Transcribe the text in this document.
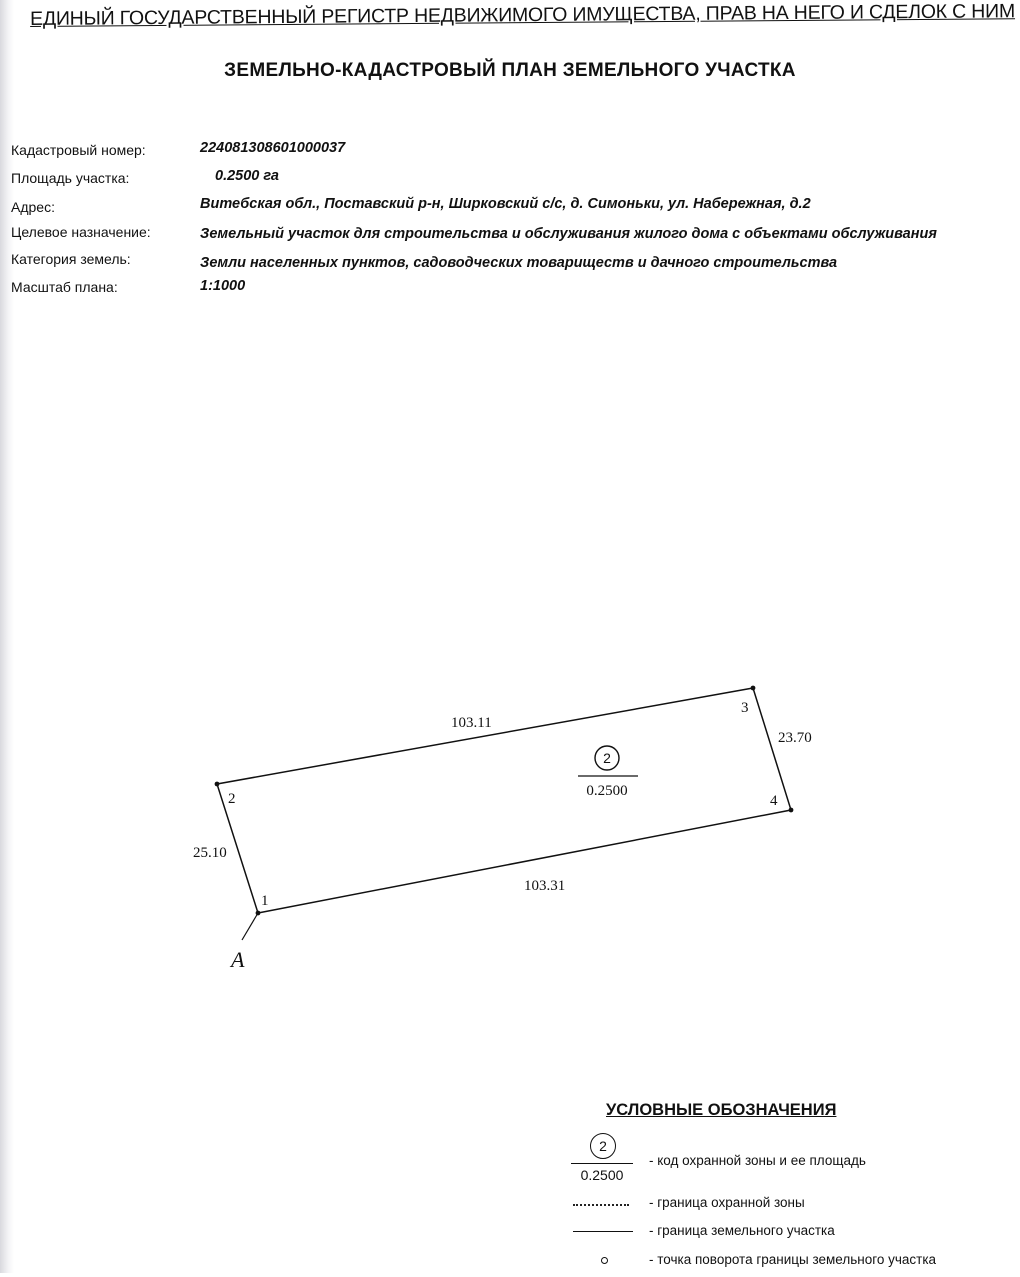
ЕДИНЫЙ ГОСУДАРСТВЕННЫЙ РЕГИСТР НЕДВИЖИМОГО ИМУЩЕСТВА, ПРАВ НА НЕГО И СДЕЛОК С НИМ
ЗЕМЕЛЬНО-КАДАСТРОВЫЙ ПЛАН ЗЕМЕЛЬНОГО УЧАСТКА
Кадастровый номер:	224081308601000037
Площадь участка:	0.2500 га
Адрес:	Витебская обл., Поставский р-н, Ширковский с/с, д. Симоньки, ул. Набережная, д.2
Целевое назначение:	Земельный участок для строительства и обслуживания жилого дома с объектами обслуживания
Категория земель:	Земли населенных пунктов, садоводческих товариществ и дачного строительства
Масштаб плана:	1:1000
1
2
3
4
25.10
103.11
23.70
103.31
2
0.2500
A
УСЛОВНЫЕ ОБОЗНАЧЕНИЯ
2
0.2500
- код охранной зоны и ее площадь
- граница охранной зоны
- граница земельного участка
- точка поворота границы земельного участка
